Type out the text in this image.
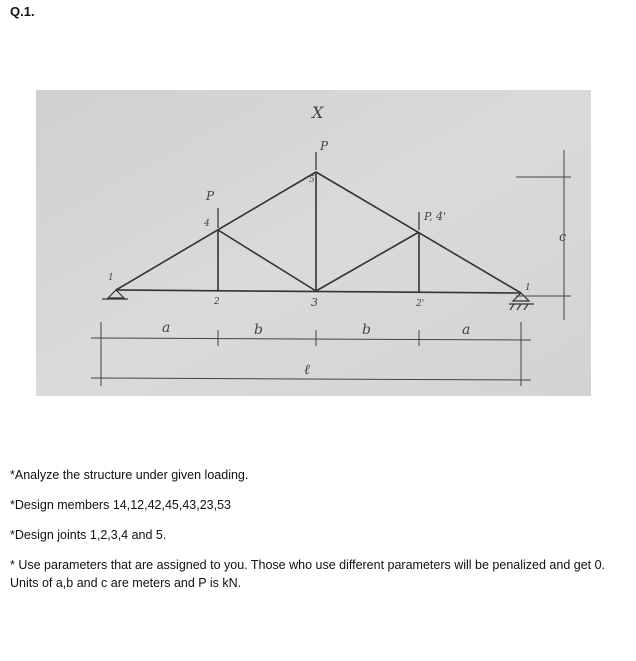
Q.1.
a	b	b	a
ℓ
c
P
5
P
4
P, 4'
1
2	3	2'
1
X
*Analyze the structure under given loading.
*Design members 14,12,42,45,43,23,53
*Design joints 1,2,3,4 and 5.
* Use parameters that are assigned to you. Those who use different parameters will be penalized and get 0. Units of a,b and c are meters and P is kN.
